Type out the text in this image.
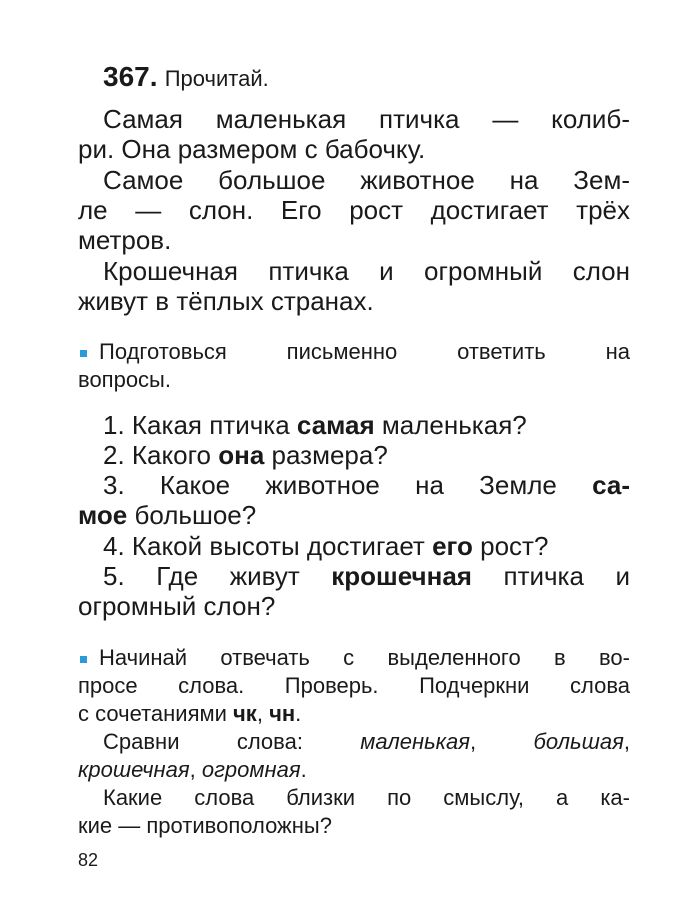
367. Прочитай.
Самая маленькая птичка — колиб-
ри. Она размером с бабочку.
Самое большое животное на Зем-
ле — слон. Его рост достигает трёх
метров.
Крошечная птичка и огромный слон
живут в тёплых странах.
Подготовься письменно ответить на
вопросы.
1. Какая птичка самая маленькая?
2. Какого она размера?
3. Какое животное на Земле са-
мое большое?
4. Какой высоты достигает его рост?
5. Где живут крошечная птичка и
огромный слон?
Начинай отвечать с выделенного в во-
просе слова. Проверь. Подчеркни слова
с сочетаниями чк, чн.
Сравни слова: маленькая, большая,
крошечная, огромная.
Какие слова близки по смыслу, а ка-
кие — противоположны?
82
